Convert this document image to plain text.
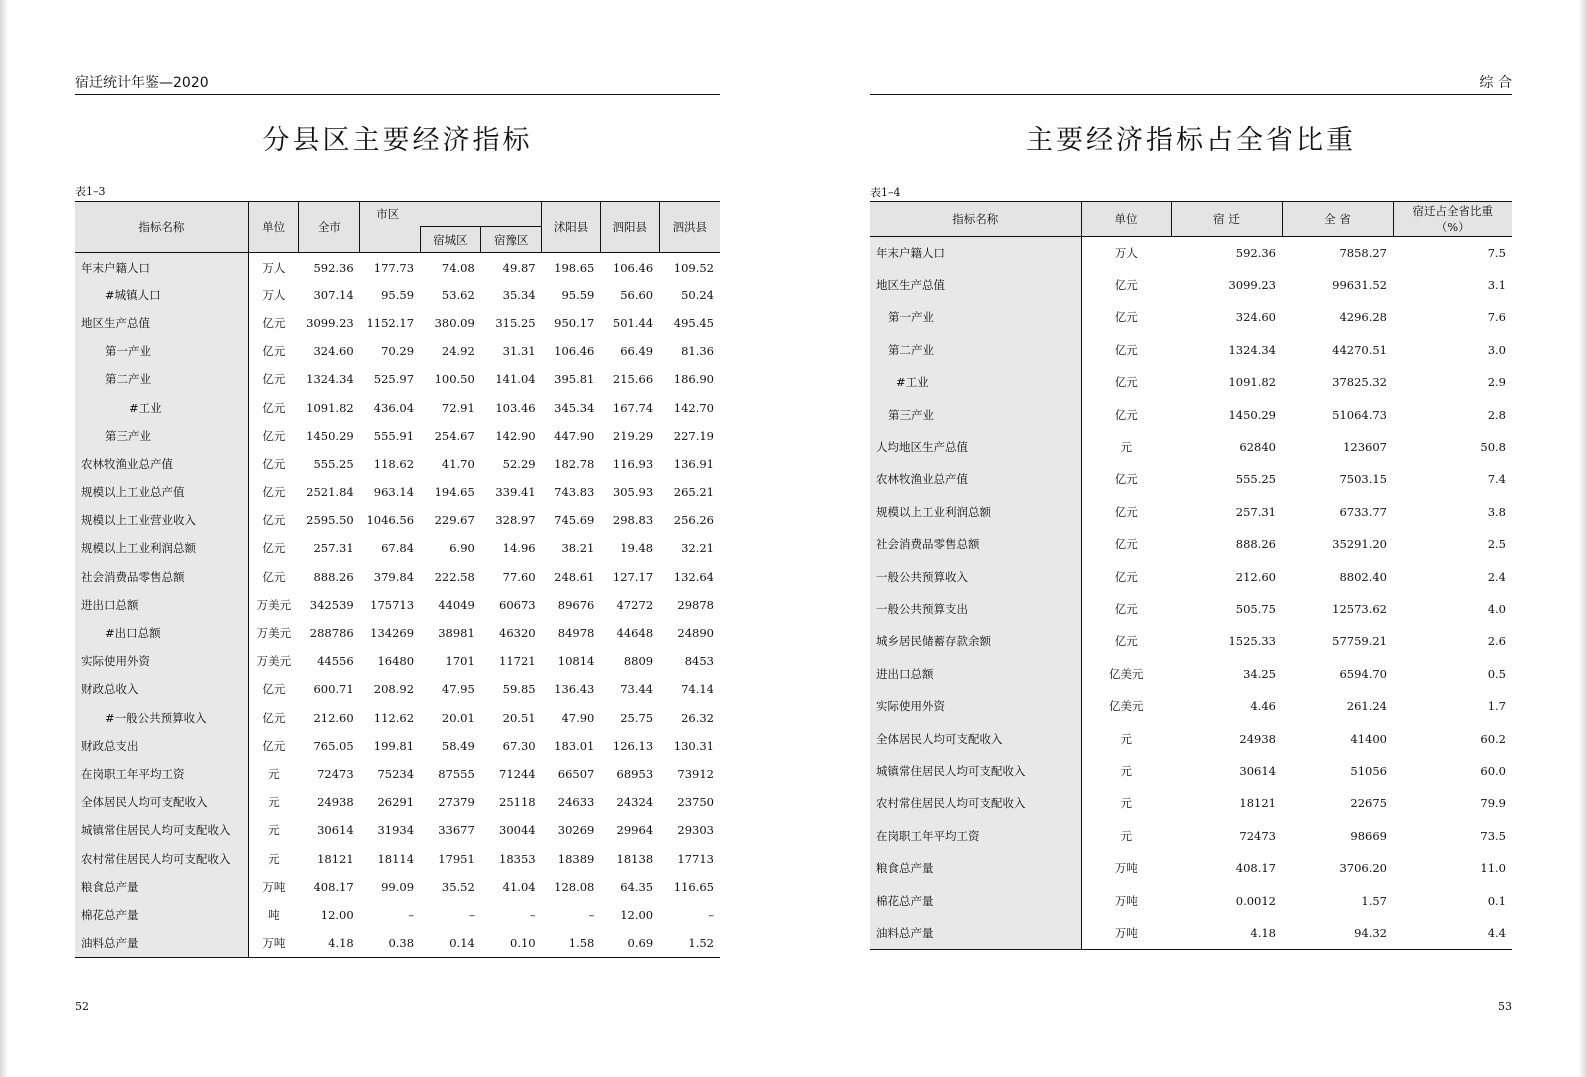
宿迁统计年鉴—2020
分县区主要经济指标
表1–3
指标名称	单位	全市	市区			沭阳县	泗阳县	泗洪县
				宿城区	宿豫区			
年末户籍人口	万人	592.36	177.73	74.08	49.87	198.65	106.46	109.52
#城镇人口	万人	307.14	95.59	53.62	35.34	95.59	56.60	50.24
地区生产总值	亿元	3099.23	1152.17	380.09	315.25	950.17	501.44	495.45
第一产业	亿元	324.60	70.29	24.92	31.31	106.46	66.49	81.36
第二产业	亿元	1324.34	525.97	100.50	141.04	395.81	215.66	186.90
#工业	亿元	1091.82	436.04	72.91	103.46	345.34	167.74	142.70
第三产业	亿元	1450.29	555.91	254.67	142.90	447.90	219.29	227.19
农林牧渔业总产值	亿元	555.25	118.62	41.70	52.29	182.78	116.93	136.91
规模以上工业总产值	亿元	2521.84	963.14	194.65	339.41	743.83	305.93	265.21
规模以上工业营业收入	亿元	2595.50	1046.56	229.67	328.97	745.69	298.83	256.26
规模以上工业利润总额	亿元	257.31	67.84	6.90	14.96	38.21	19.48	32.21
社会消费品零售总额	亿元	888.26	379.84	222.58	77.60	248.61	127.17	132.64
进出口总额	万美元	342539	175713	44049	60673	89676	47272	29878
#出口总额	万美元	288786	134269	38981	46320	84978	44648	24890
实际使用外资	万美元	44556	16480	1701	11721	10814	8809	8453
财政总收入	亿元	600.71	208.92	47.95	59.85	136.43	73.44	74.14
#一般公共预算收入	亿元	212.60	112.62	20.01	20.51	47.90	25.75	26.32
财政总支出	亿元	765.05	199.81	58.49	67.30	183.01	126.13	130.31
在岗职工年平均工资	元	72473	75234	87555	71244	66507	68953	73912
全体居民人均可支配收入	元	24938	26291	27379	25118	24633	24324	23750
城镇常住居民人均可支配收入	元	30614	31934	33677	30044	30269	29964	29303
农村常住居民人均可支配收入	元	18121	18114	17951	18353	18389	18138	17713
粮食总产量	万吨	408.17	99.09	35.52	41.04	128.08	64.35	116.65
棉花总产量	吨	12.00	–	–	–	–	12.00	–
油料总产量	万吨	4.18	0.38	0.14	0.10	1.58	0.69	1.52
52
综 合
主要经济指标占全省比重
表1–4
指标名称	单位	宿 迁	全 省	宿迁占全省比重
（%）

年末户籍人口	万人	592.36	7858.27	7.5
地区生产总值	亿元	3099.23	99631.52	3.1
第一产业	亿元	324.60	4296.28	7.6
第二产业	亿元	1324.34	44270.51	3.0
#工业	亿元	1091.82	37825.32	2.9
第三产业	亿元	1450.29	51064.73	2.8
人均地区生产总值	元	62840	123607	50.8
农林牧渔业总产值	亿元	555.25	7503.15	7.4
规模以上工业利润总额	亿元	257.31	6733.77	3.8
社会消费品零售总额	亿元	888.26	35291.20	2.5
一般公共预算收入	亿元	212.60	8802.40	2.4
一般公共预算支出	亿元	505.75	12573.62	4.0
城乡居民储蓄存款余额	亿元	1525.33	57759.21	2.6
进出口总额	亿美元	34.25	6594.70	0.5
实际使用外资	亿美元	4.46	261.24	1.7
全体居民人均可支配收入	元	24938	41400	60.2
城镇常住居民人均可支配收入	元	30614	51056	60.0
农村常住居民人均可支配收入	元	18121	22675	79.9
在岗职工年平均工资	元	72473	98669	73.5
粮食总产量	万吨	408.17	3706.20	11.0
棉花总产量	万吨	0.0012	1.57	0.1
油料总产量	万吨	4.18	94.32	4.4
53
